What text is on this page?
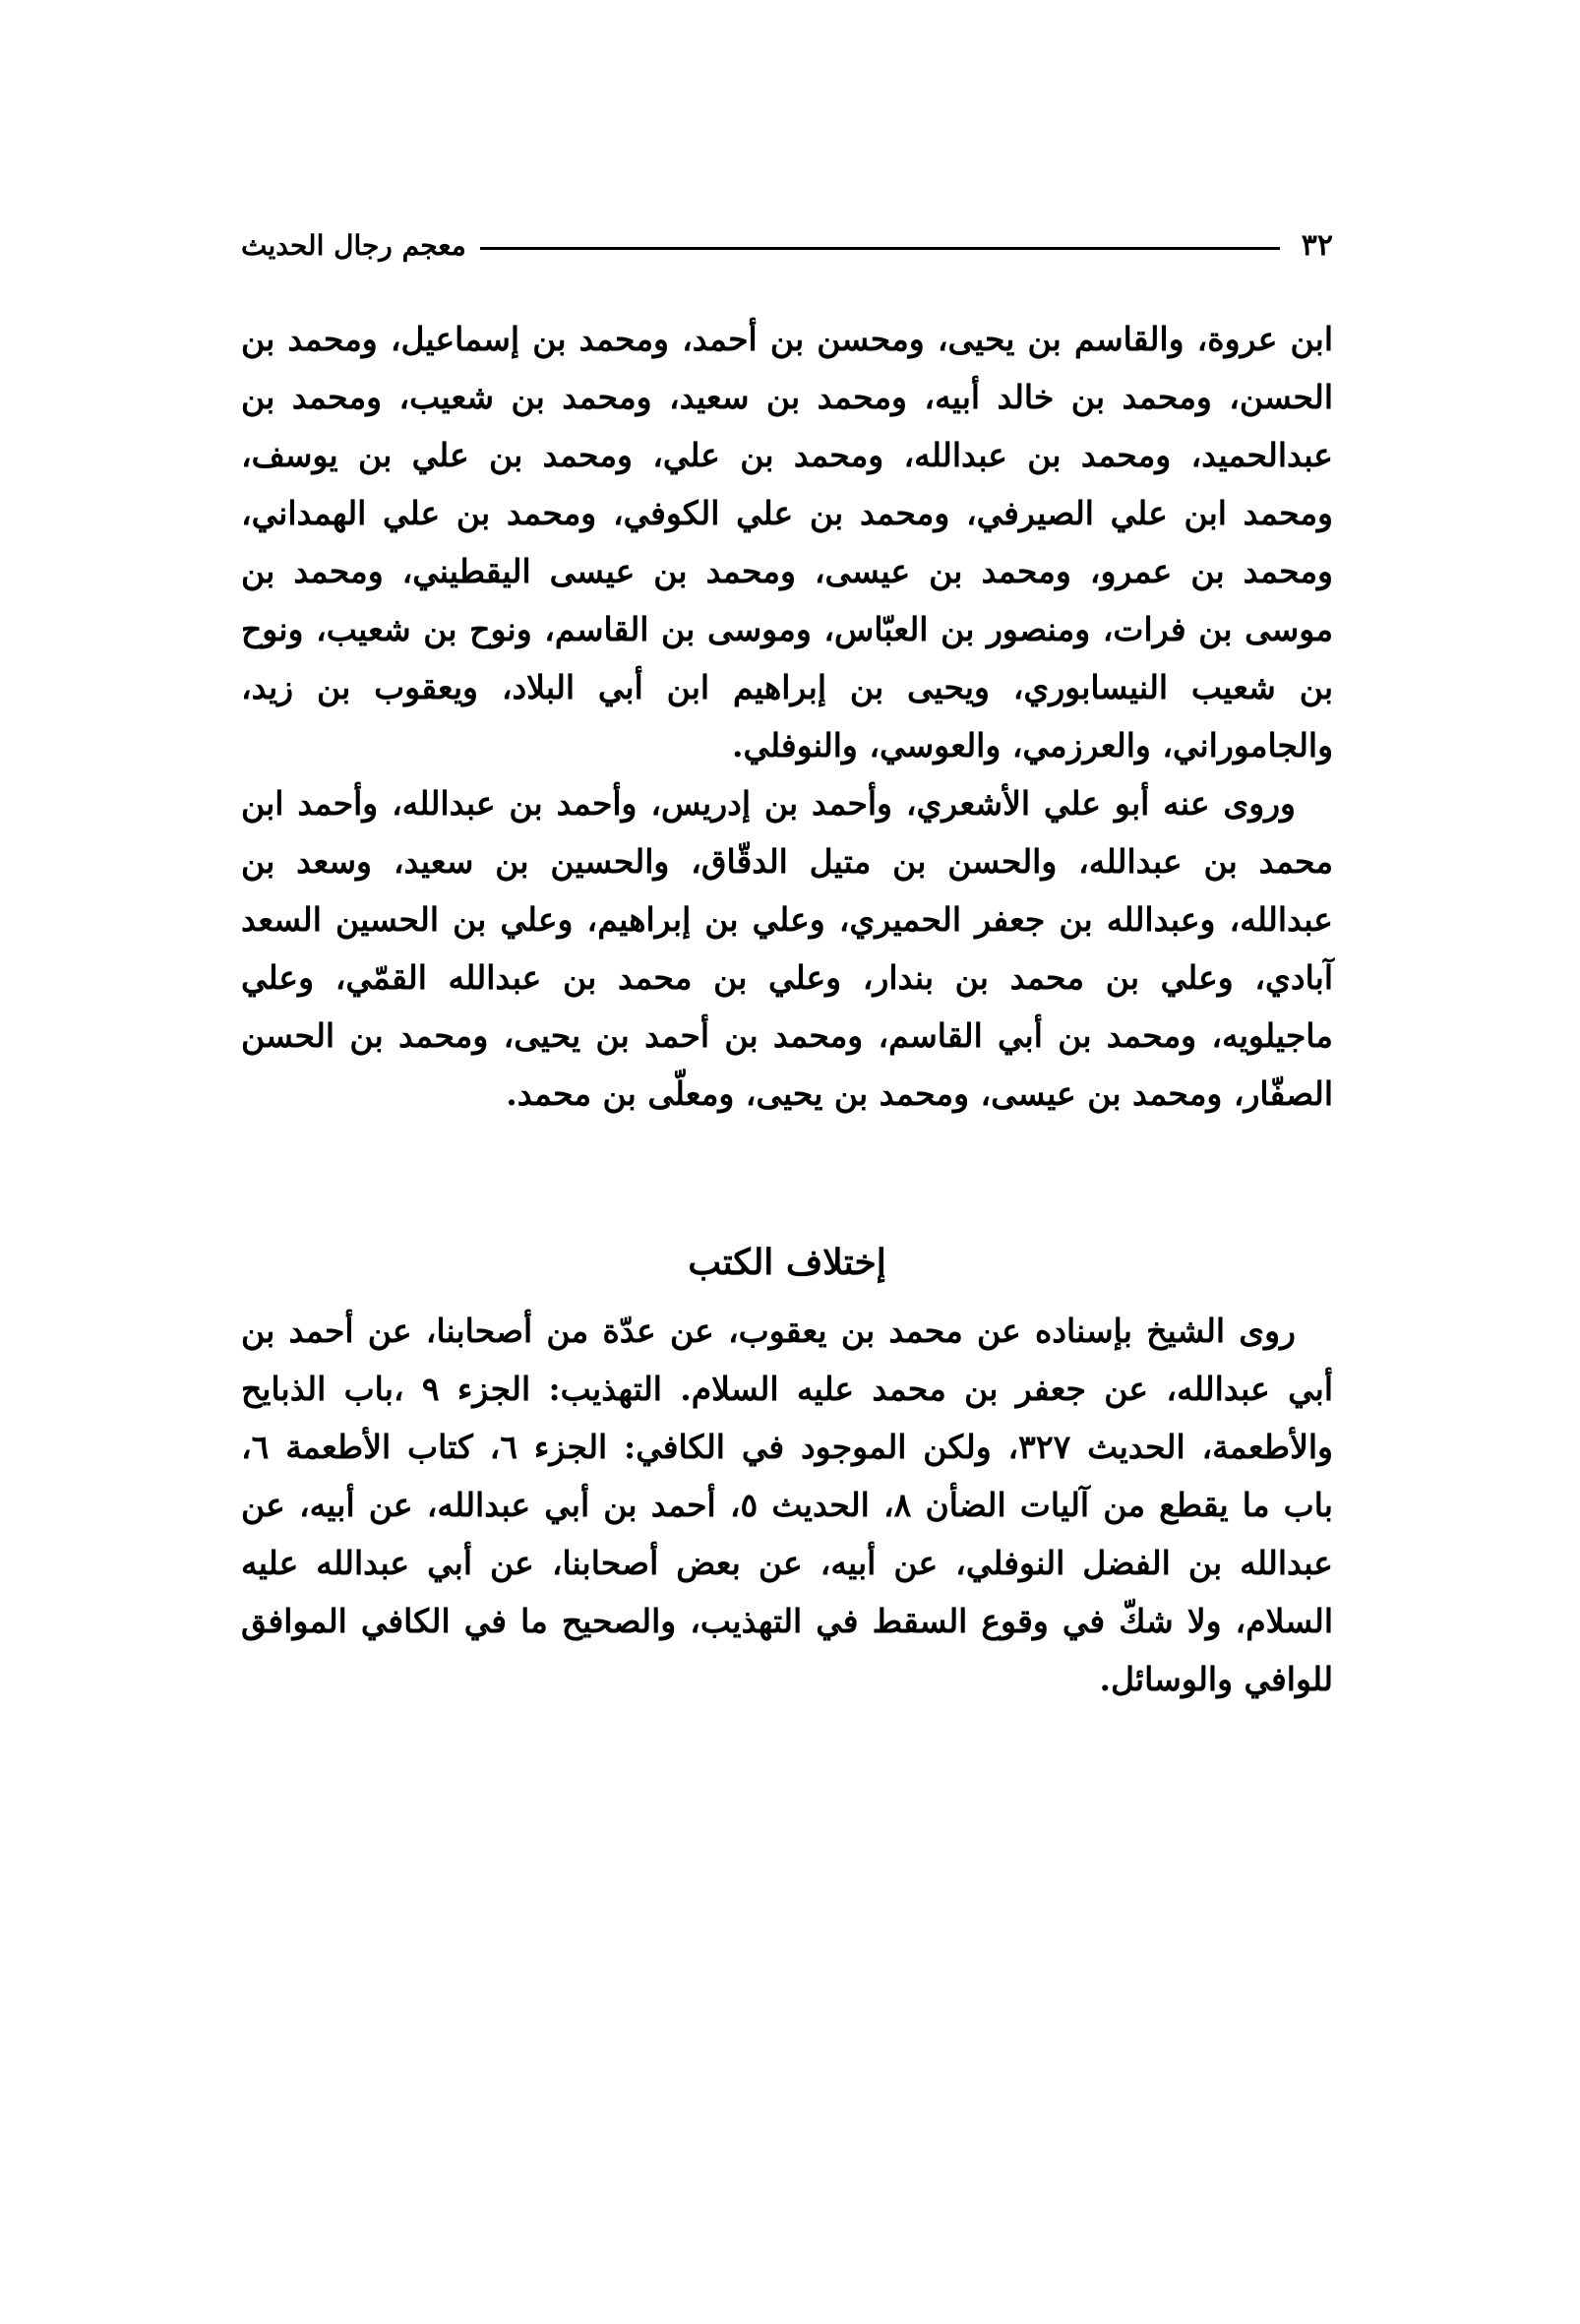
٣٢
معجم رجال الحديث

ابن عروة، والقاسم بن يحيى، ومحسن بن أحمد، ومحمد بن إسماعيل، ومحمد بن الحسن، ومحمد بن خالد أبيه، ومحمد بن سعيد، ومحمد بن شعيب، ومحمد بن عبدالحميد، ومحمد بن عبدالله، ومحمد بن علي، ومحمد بن علي بن يوسف، ومحمد ابن علي الصيرفي، ومحمد بن علي الكوفي، ومحمد بن علي الهمداني، ومحمد بن عمرو، ومحمد بن عيسى، ومحمد بن عيسى اليقطيني، ومحمد بن موسى بن فرات، ومنصور بن العبّاس، وموسى بن القاسم، ونوح بن شعيب، ونوح بن شعيب النيسابوري، ويحيى بن إبراهيم ابن أبي البلاد، ويعقوب بن زيد، والجاموراني، والعرزمي، والعوسي، والنوفلي.

وروى عنه أبو علي الأشعري، وأحمد بن إدريس، وأحمد بن عبدالله، وأحمد ابن محمد بن عبدالله، والحسن بن متيل الدقّاق، والحسين بن سعيد، وسعد بن عبدالله، وعبدالله بن جعفر الحميري، وعلي بن إبراهيم، وعلي بن الحسين السعد آبادي، وعلي بن محمد بن بندار، وعلي بن محمد بن عبدالله القمّي، وعلي ماجيلويه، ومحمد بن أبي القاسم، ومحمد بن أحمد بن يحيى، ومحمد بن الحسن الصفّار، ومحمد بن عيسى، ومحمد بن يحيى، ومعلّى بن محمد.

إختلاف الكتب

روى الشيخ بإسناده عن محمد بن يعقوب، عن عدّة من أصحابنا، عن أحمد بن أبي عبدالله، عن جعفر بن محمد عليه السلام. التهذيب: الجزء ٩ ،باب الذبايح والأطعمة، الحديث ٣٢٧، ولكن الموجود في الكافي: الجزء ٦، كتاب الأطعمة ٦، باب ما يقطع من آليات الضأن ٨، الحديث ٥، أحمد بن أبي عبدالله، عن أبيه، عن عبدالله بن الفضل النوفلي، عن أبيه، عن بعض أصحابنا، عن أبي عبدالله عليه السلام، ولا شكّ في وقوع السقط في التهذيب، والصحيح ما في الكافي الموافق للوافي والوسائل.
